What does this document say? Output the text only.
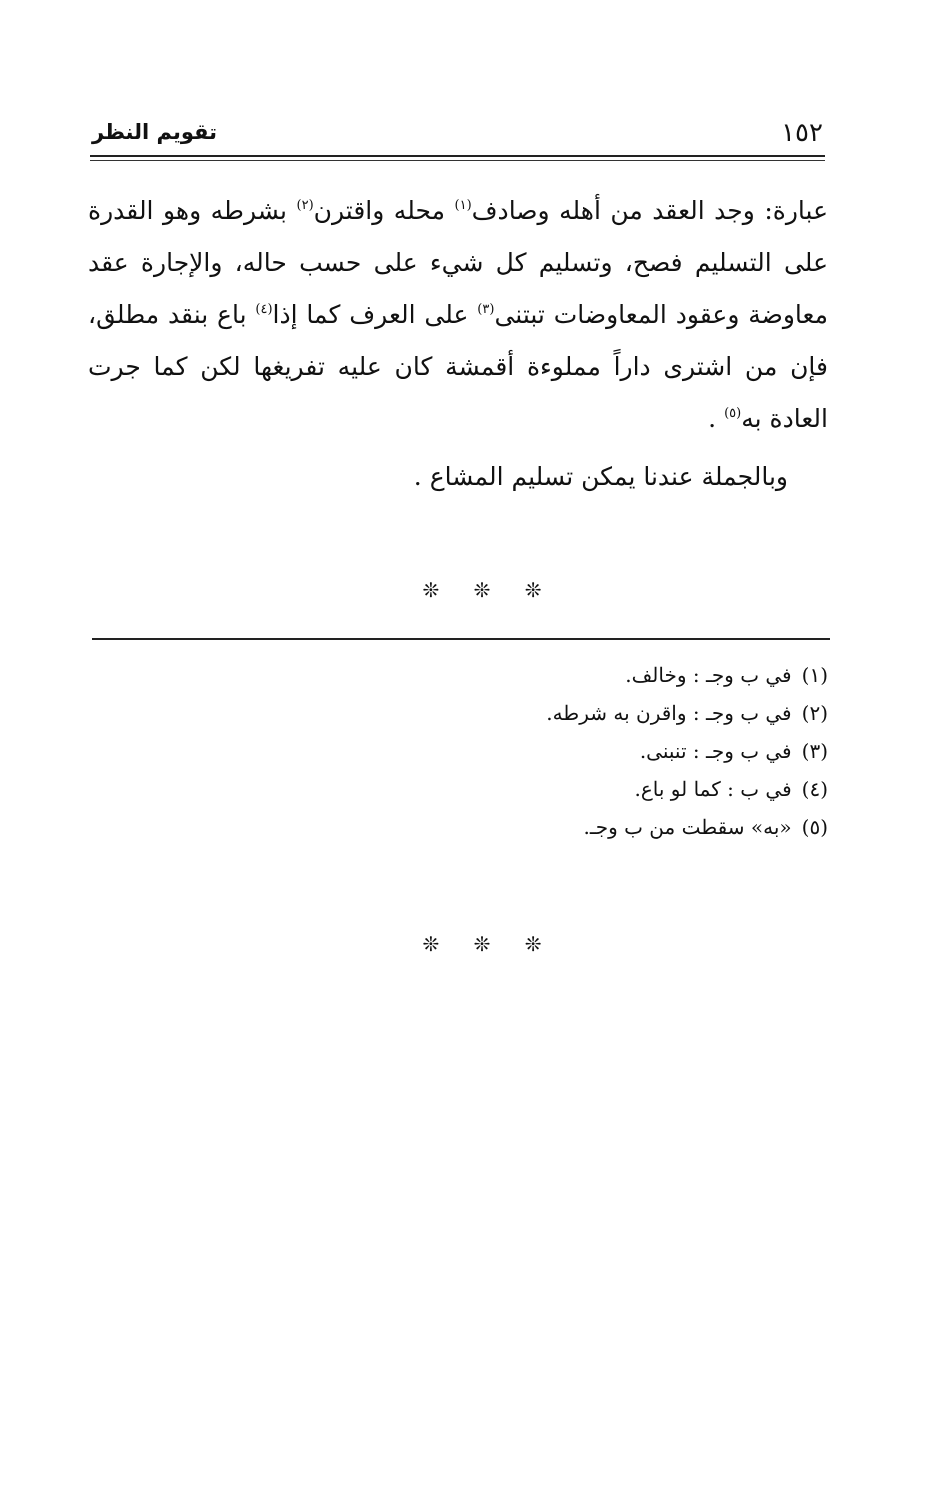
١٥٢
تقويم النظر

عبارة: وجد العقد من أهله وصادف$^{(١)}$ محله واقترن$^{(٢)}$ بشرطه وهو القدرة على التسليم فصح، وتسليم كل شيء على حسب حاله، والإجارة عقد معاوضة وعقود المعاوضات تبتنى$^{(٣)}$ على العرف كما إذا$^{(٤)}$ باع بنقد مطلق، فإن من اشترى داراً مملوءة أقمشة كان عليه تفريغها لكن كما جرت العادة به$^{(٥)}$ .

وبالجملة عندنا يمكن تسليم المشاع .

❊ ❊ ❊

(١)في ب وجـ : وخالف.

(٢)في ب وجـ : واقرن به شرطه.

(٣)في ب وجـ : تنبنى.

(٤)في ب : كما لو باع.

(٥)«به» سقطت من ب وجـ.

❊ ❊ ❊
